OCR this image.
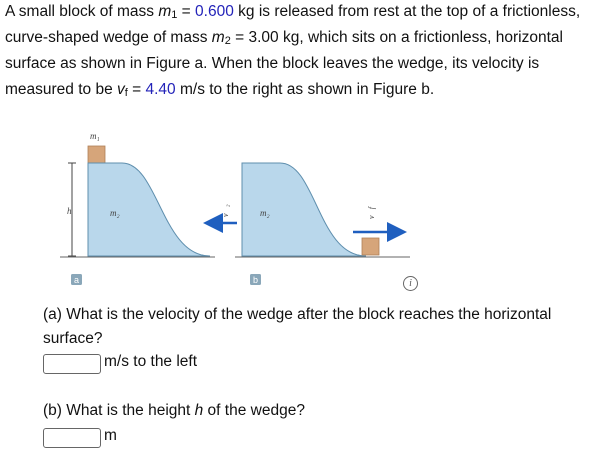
A small block of mass $m_1 = 0.600$ kg is released from rest at the top of a frictionless, curve-shaped wedge of mass $m_2 = 3.00$ kg, which sits on a frictionless, horizontal surface as shown in Figure a. When the block leaves the wedge, its velocity is measured to be $v_f = 4.40$ m/s to the right as shown in Figure b.
m₁
h	m₂
a
v⃗₂	m₂	v⃗f
b	i
(a) What is the velocity of the wedge after the block reaches the horizontal surface?
m/s to the left
(b) What is the height h of the wedge?
m
